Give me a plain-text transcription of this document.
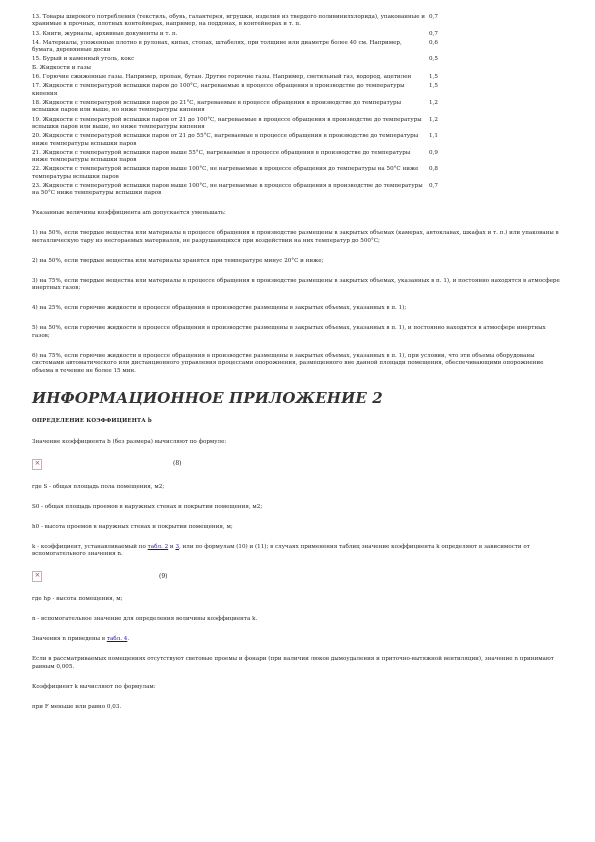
13. Товары широкого потребления (текстиль, обувь, галантерея, игрушки, изделия из твердого поливинилхлорида), упакованные и хранимые в прочных, плотных контейнерах, например, на поддонах, в контейнерах и т. п.	0,7
13. Книги, журналы, архивные документы и т. п.	0,7
14. Материалы, уложенные плотно в рулонах, кипах, стопах, штабелях, при толщине или диаметре более 40 см. Например, бумага, деревянные доски	0,6
15. Бурый и каменный уголь, кокс	0,5
Б. Жидкости и газы	
16. Горючие сжиженные газы. Например, пропан, бутан. Другие горючие газы. Например, светильный газ, водород, ацетилен	1,5
17. Жидкости с температурой вспышки паров до 100°С, нагреваемые в процессе обращения в производстве до температуры кипения	1,5
18. Жидкости с температурой вспышки паров до 21°С, нагреваемые в процессе обращения в производстве до температуры вспышки паров или выше, но ниже температуры кипения	1,2
19. Жидкости с температурой вспышки паров от 21 до 100°С, нагреваемые в процессе обращения в производстве до температуры вспышки паров или выше, но ниже температуры кипения	1,2
20. Жидкости с температурой вспышки паров от 21 до 55°С, нагреваемые в процессе обращения в производстве до температуры ниже температуры вспышки паров	1,1
21. Жидкости с температурой вспышки паров выше 55°С, нагреваемые в процессе обращения в производстве до температуры ниже температуры вспышки паров	0,9
22. Жидкости с температурой вспышки паров выше 100°С, не нагреваемые в процессе обращения до температуры на 50°С ниже температуры вспышки паров	0,8
23. Жидкости с температурой вспышки паров выше 100°С, не нагреваемые в процессе обращения в производстве до температуры на 50°С ниже температуры вспышки паров	0,7

Указанные величины коэффициента am допускается уменьшать:

1) на 50%, если твердые вещества или материалы в процессе обращения в производстве размещены в закрытых объемах (камерах, автоклавах, шкафах и т. п.) или упакованы в металлическую тару из несгораемых материалов, не разрушающихся при воздействии на них температур до 500°С;

2) на 50%, если твердые вещества или материалы хранятся при температуре минус 20°С и ниже;

3) на 75%, если твердые вещества или материалы в процессе обращения в производстве размещены в закрытых объемах, указанных в п. 1), и постоянно находятся в атмосфере инертных газов;

4) на 25%, если горючие жидкости в процессе обращения в производстве размещены в закрытых объемах, указанных в п. 1);

5) на 50%, если горючие жидкости в процессе обращения в производстве размещены в закрытых объемах, указанных в п. 1), и постоянно находятся в атмосфере инертных газов;

6) на 75%, если горючие жидкости в процессе обращения в производстве размещены в закрытых объемах, указанных в п. 1), при условии, что эти объемы оборудованы системами автоматического или дистанционного управления процессами опорожнения, размещенного вне данной площади помещения, обеспечивающими опорожнение объема в течение не более 15 мин.

ИНФОРМАЦИОННОЕ ПРИЛОЖЕНИЕ 2

ОПРЕДЕЛЕНИЕ КОЭФФИЦИЕНТА b

Значение коэффициента b (без размера) вычисляют по формуле:

×
(8)

где S - общая площадь пола помещения, м2;

S0 - общая площадь проемов в наружных стенах и покрытии помещения, м2;

h0 - высота проемов в наружных стенах и покрытии помещения, м;

k - коэффициент, устанавливаемый по табл. 2 и 3, или по формулам (10) и (11); в случаях применения таблиц значение коэффициента k определяют в зависимости от вспомогательного значения n.

×
(9)

где hp - высота помещения, м;

n - вспомогательное значение для определения величины коэффициента k.

Значения n приведены в табл. 4.

Если в рассматриваемых помещениях отсутствуют световые проемы и фонари (при наличии люков дымоудаления и приточно-вытяжной вентиляции), значение n принимают равным 0,005.

Коэффициент k вычисляют по формулам:

при F меньше или равно 0,03.
